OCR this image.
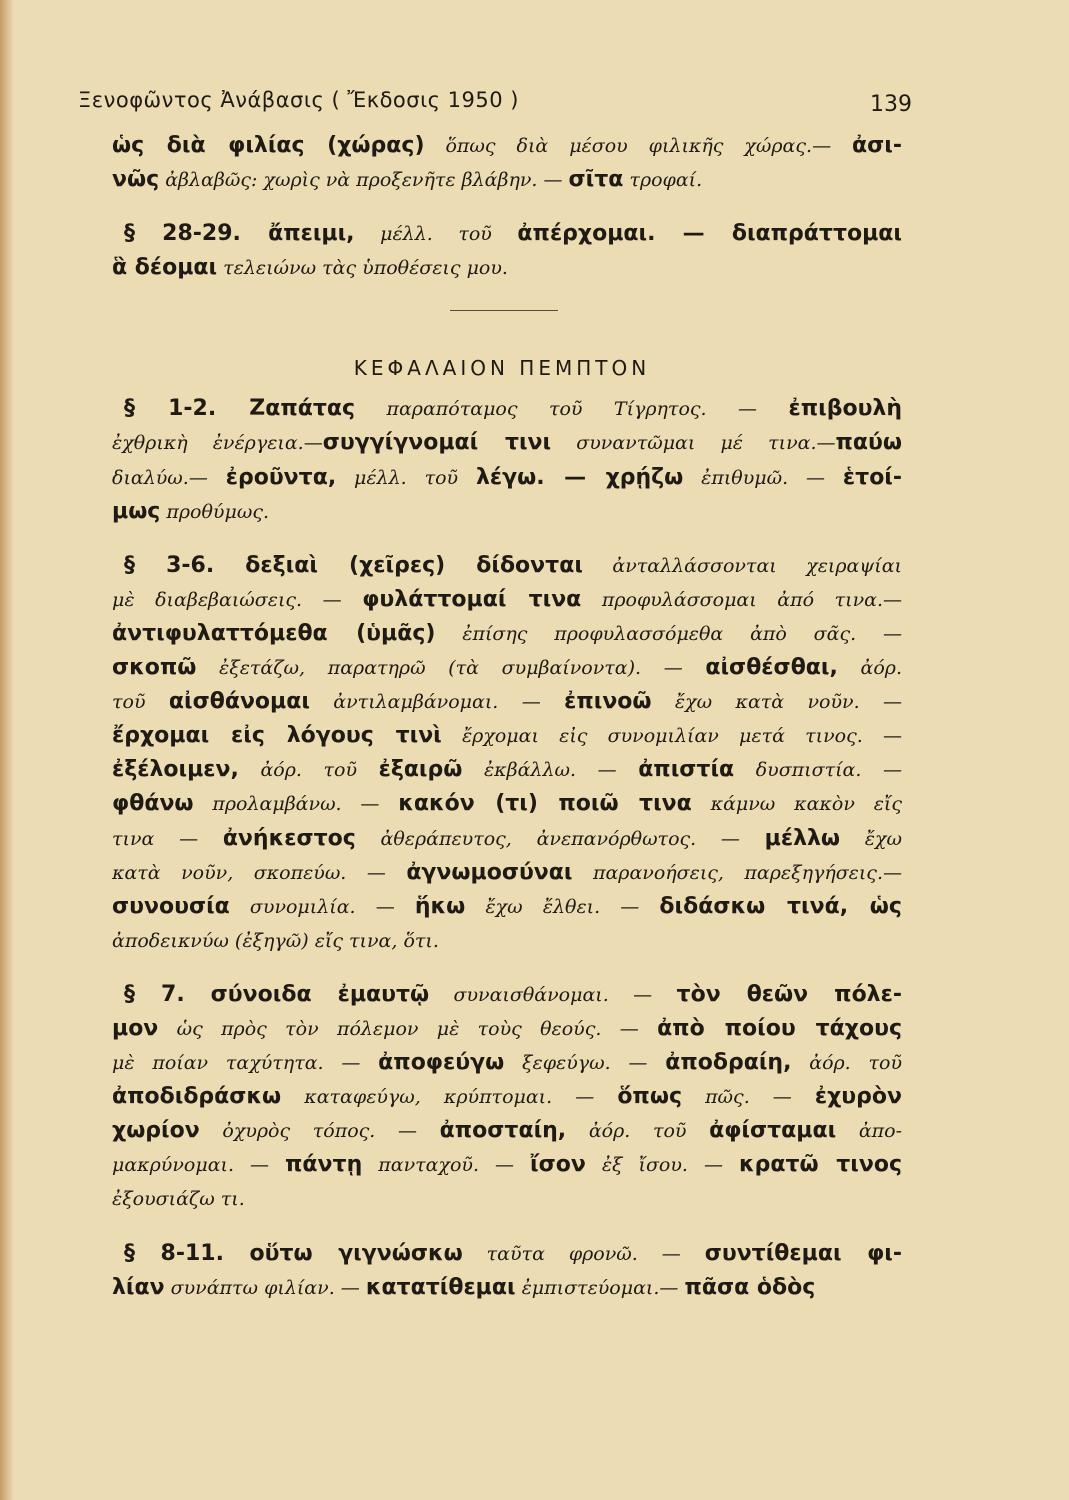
Ξενοφῶντος Ἀνάβασις ( Ἔκδοσις 1950 )	139
ὡς διὰ φιλίας (χώρας) ὅπως διὰ μέσου φιλικῆς χώρας.— ἀσι-
νῶς ἀβλαβῶς: χωρὶς νὰ προξενῆτε βλάβην. — σῖτα τροφαί.
§ 28-29. ἄπειμι, μέλλ. τοῦ ἀπέρχομαι. — διαπράττομαι
ἃ δέομαι τελειώνω τὰς ὑποθέσεις μου.
ΚΕΦΑΛΑΙΟΝ ΠΕΜΠΤΟΝ
§ 1-2. Ζαπάτας παραπόταμος τοῦ Τίγρητος. — ἐπιβουλὴ
ἐχθρικὴ ἐνέργεια.—συγγίγνομαί τινι συναντῶμαι μέ τινα.—παύω
διαλύω.— ἐροῦντα, μέλλ. τοῦ λέγω. — χρῄζω ἐπιθυμῶ. — ἑτοί-
μως προθύμως.
§ 3-6. δεξιαὶ (χεῖρες) δίδονται ἀνταλλάσσονται χειραψίαι
μὲ διαβεβαιώσεις. — φυλάττομαί τινα προφυλάσσομαι ἀπό τινα.—
ἀντιφυλαττόμεθα (ὑμᾶς) ἐπίσης προφυλασσόμεθα ἀπὸ σᾶς. —
σκοπῶ ἐξετάζω, παρατηρῶ (τὰ συμβαίνοντα). — αἰσθέσθαι, ἀόρ.
τοῦ αἰσθάνομαι ἀντιλαμβάνομαι. — ἐπινοῶ ἔχω κατὰ νοῦν. —
ἔρχομαι εἰς λόγους τινὶ ἔρχομαι εἰς συνομιλίαν μετά τινος. —
ἐξέλοιμεν, ἀόρ. τοῦ ἐξαιρῶ ἐκβάλλω. — ἀπιστία δυσπιστία. —
φθάνω προλαμβάνω. — κακόν (τι) ποιῶ τινα κάμνω κακὸν εἴς
τινα — ἀνήκεστος ἀθεράπευτος, ἀνεπανόρθωτος. — μέλλω ἔχω
κατὰ νοῦν, σκοπεύω. — ἀγνωμοσύναι παρανοήσεις, παρεξηγήσεις.—
συνουσία συνομιλία. — ἥκω ἔχω ἔλθει. — διδάσκω τινά, ὡς
ἀποδεικνύω (ἐξηγῶ) εἴς τινα, ὅτι.
§ 7. σύνοιδα ἐμαυτῷ συναισθάνομαι. — τὸν θεῶν πόλε-
μον ὡς πρὸς τὸν πόλεμον μὲ τοὺς θεούς. — ἀπὸ ποίου τάχους
μὲ ποίαν ταχύτητα. — ἀποφεύγω ξεφεύγω. — ἀποδραίη, ἀόρ. τοῦ
ἀποδιδράσκω καταφεύγω, κρύπτομαι. — ὅπως πῶς. — ἐχυρὸν
χωρίον ὀχυρὸς τόπος. — ἀποσταίη, ἀόρ. τοῦ ἀφίσταμαι ἀπο-
μακρύνομαι. — πάντῃ πανταχοῦ. — ἴσον ἐξ ἴσου. — κρατῶ τινος
ἐξουσιάζω τι.
§ 8-11. οὕτω γιγνώσκω ταῦτα φρονῶ. — συντίθεμαι φι-
λίαν συνάπτω φιλίαν. — κατατίθεμαι ἐμπιστεύομαι.— πᾶσα ὁδὸς
